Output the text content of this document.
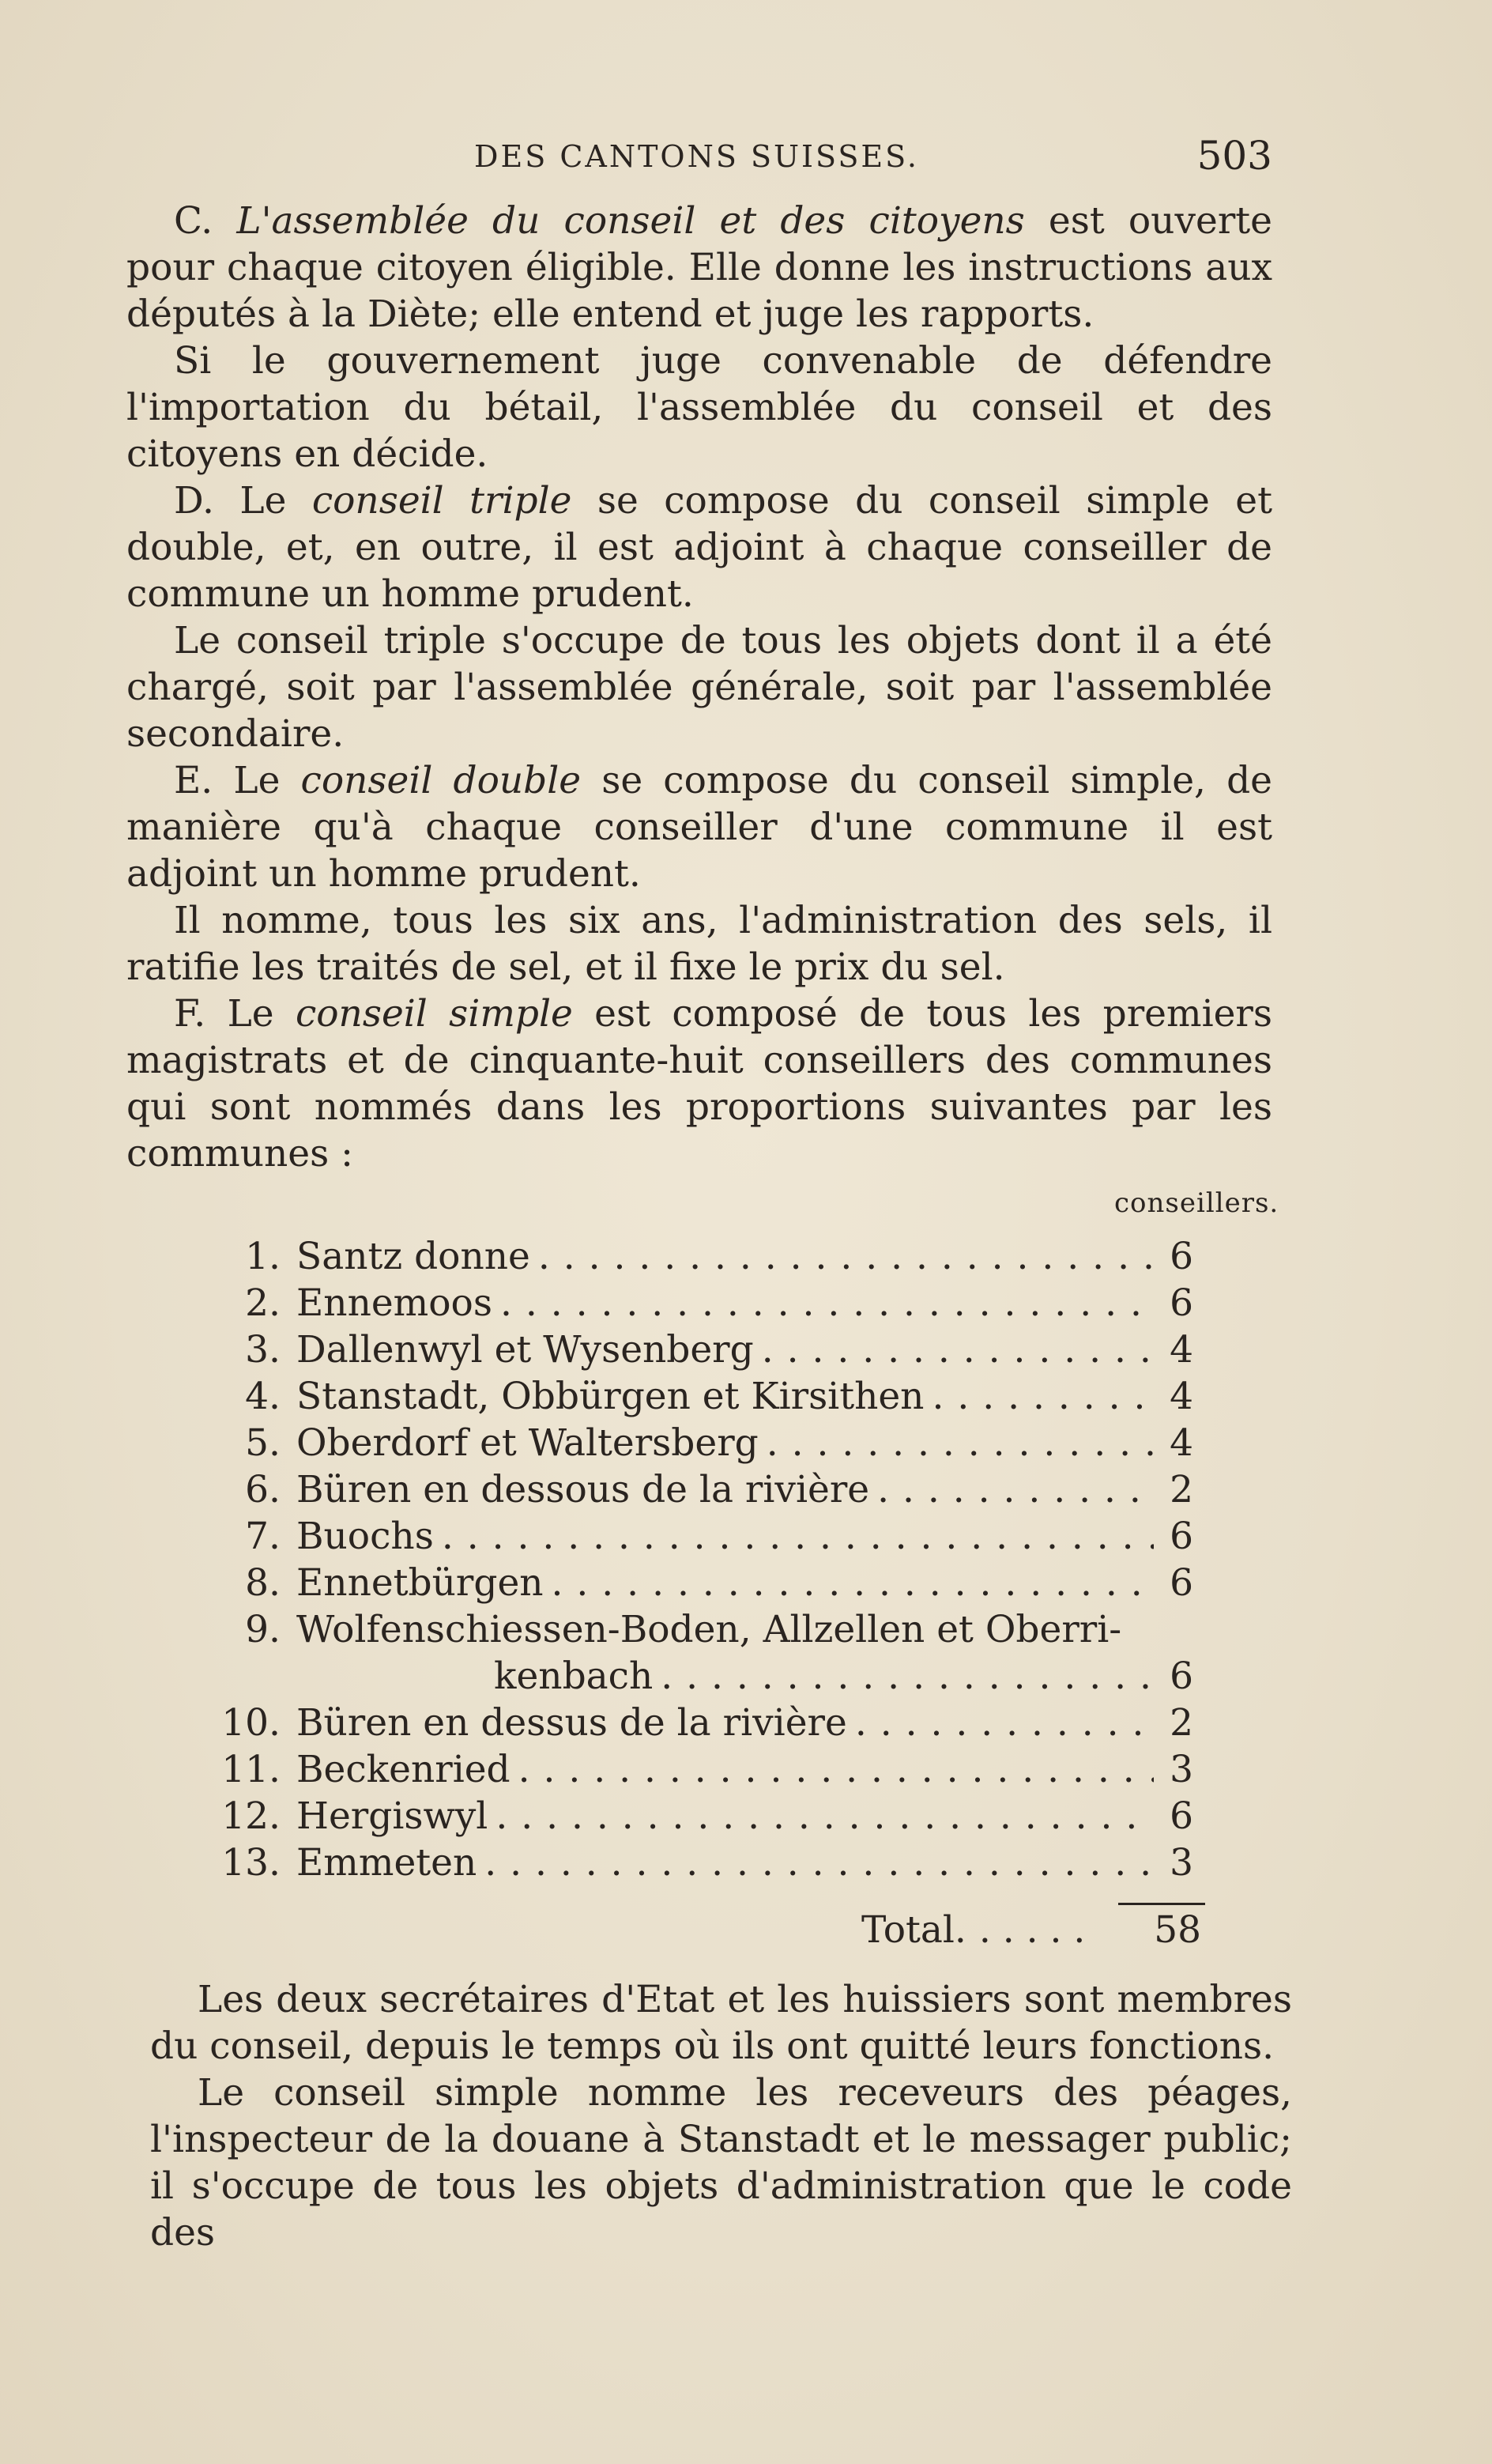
DES CANTONS SUISSES.	503

C. L'assemblée du conseil et des citoyens est ouverte pour chaque citoyen éligible. Elle donne les instructions aux députés à la Diète; elle entend et juge les rapports.

Si le gouvernement juge convenable de défendre l'importation du bétail, l'assemblée du conseil et des citoyens en décide.

D. Le conseil triple se compose du conseil simple et double, et, en outre, il est adjoint à chaque conseiller de commune un homme prudent.

Le conseil triple s'occupe de tous les objets dont il a été chargé, soit par l'assemblée générale, soit par l'assemblée secondaire.

E. Le conseil double se compose du conseil simple, de manière qu'à chaque conseiller d'une commune il est adjoint un homme prudent.

Il nomme, tous les six ans, l'administration des sels, il ratifie les traités de sel, et il fixe le prix du sel.

F. Le conseil simple est composé de tous les premiers magistrats et de cinquante-huit conseillers des communes qui sont nommés dans les proportions suivantes par les communes :

conseillers.
1. Santz donne . . .	6
2. Ennemoos . . .	6
3. Dallenwyl et Wysenberg . . .	4
4. Stanstadt, Obbürgen et Kirsithen . . .	4
5. Oberdorf et Waltersberg . . .	4
6. Büren en dessous de la rivière . . .	2
7. Buochs . . .	6
8. Ennetbürgen . . .	6
9. Wolfenschiessen-Boden, Allzellen et Oberri-
kenbach . . .	6
10. Büren en dessus de la rivière . . .	2
11. Beckenried . . .	3
12. Hergiswyl . . .	6
13. Emmeten . . .	3
Total. . . .	58

Les deux secrétaires d'Etat et les huissiers sont membres du conseil, depuis le temps où ils ont quitté leurs fonctions.

Le conseil simple nomme les receveurs des péages, l'inspecteur de la douane à Stanstadt et le messager public; il s'occupe de tous les objets d'administration que le code des
